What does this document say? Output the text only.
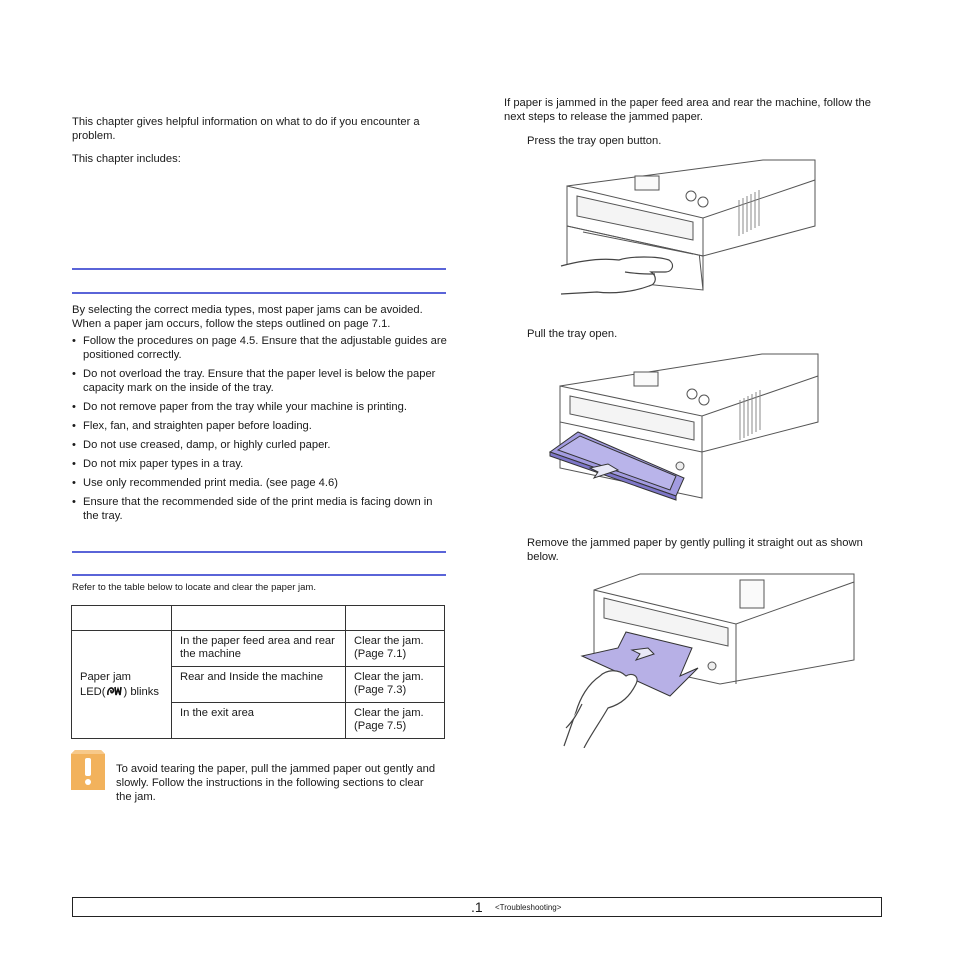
This chapter gives helpful information on what to do if you encounter a problem.

This chapter includes:

By selecting the correct media types, most paper jams can be avoided. When a paper jam occurs, follow the steps outlined on page 7.1.

• Follow the procedures on page 4.5. Ensure that the adjustable guides are positioned correctly.
• Do not overload the tray. Ensure that the paper level is below the paper capacity mark on the inside of the tray.
• Do not remove paper from the tray while your machine is printing.
• Flex, fan, and straighten paper before loading.
• Do not use creased, damp, or highly curled paper.
• Do not mix paper types in a tray.
• Use only recommended print media. (see page 4.6)
• Ensure that the recommended side of the print media is facing down in the tray.

Refer to the table below to locate and clear the paper jam.

Paper jam
LED( ) blinks	In the paper feed area and rear the machine	Clear the jam. (Page 7.1)
	Rear and Inside the machine	Clear the jam. (Page 7.3)
	In the exit area	Clear the jam. (Page 7.5)

To avoid tearing the paper, pull the jammed paper out gently and slowly. Follow the instructions in the following sections to clear the jam.

If paper is jammed in the paper feed area and rear the machine, follow the next steps to release the jammed paper.

Press the tray open button.

Pull the tray open.

Remove the jammed paper by gently pulling it straight out as shown below.

.1 <Troubleshooting>
